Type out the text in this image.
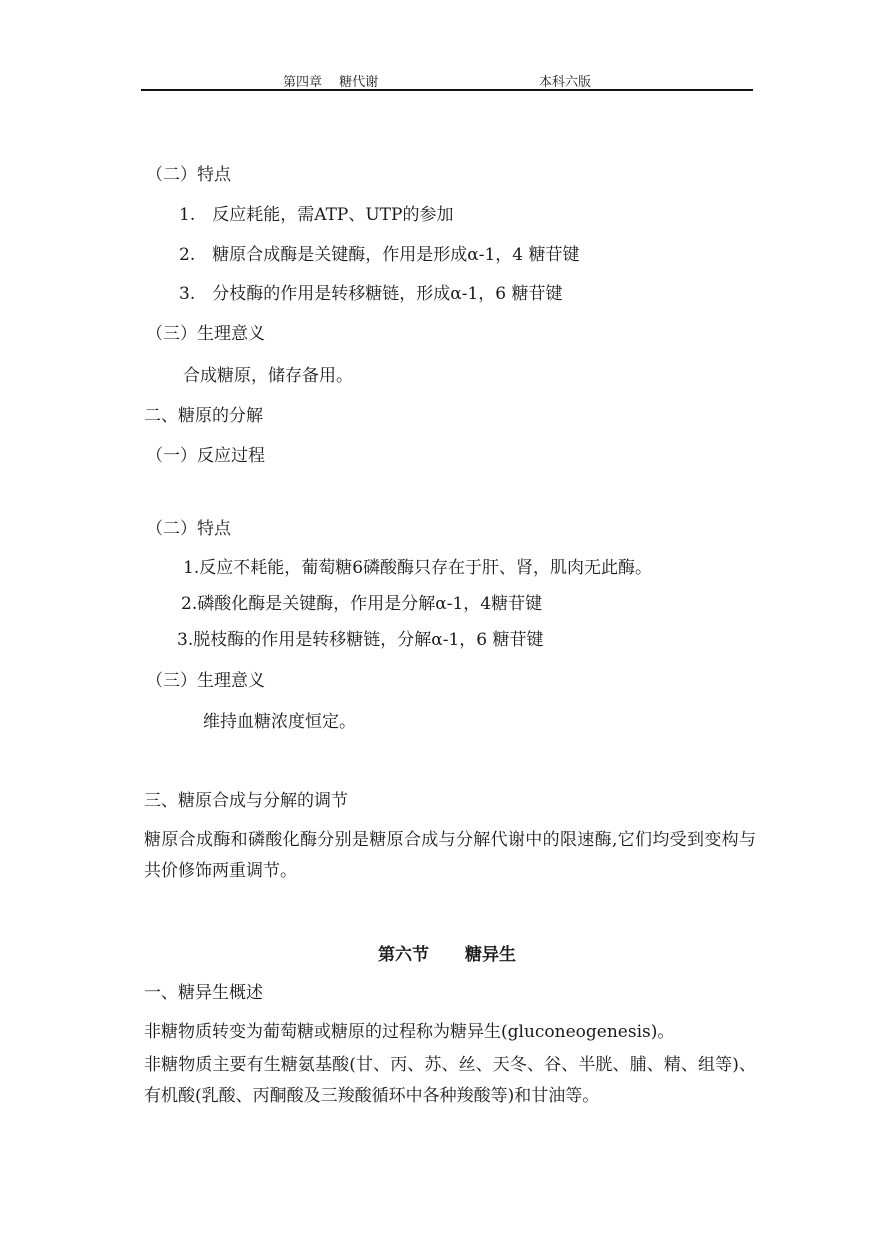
第四章　 糖代谢	本科六版
（二）特点
1.　反应耗能，需ATP、UTP的参加
2.　糖原合成酶是关键酶，作用是形成α-1，4 糖苷键
3.　分枝酶的作用是转移糖链，形成α-1，6 糖苷键
（三）生理意义
合成糖原，储存备用。
二、糖原的分解
（一）反应过程
（二）特点
1.反应不耗能，葡萄糖6磷酸酶只存在于肝、肾，肌肉无此酶。
2.磷酸化酶是关键酶，作用是分解α-1，4糖苷键
3.脱枝酶的作用是转移糖链，分解α-1，6 糖苷键
（三）生理意义
维持血糖浓度恒定。
三、糖原合成与分解的调节
糖原合成酶和磷酸化酶分别是糖原合成与分解代谢中的限速酶,它们均受到变构与共价修饰两重调节。
第六节 糖异生
一、糖异生概述
非糖物质转变为葡萄糖或糖原的过程称为糖异生(gluconeogenesis)。
非糖物质主要有生糖氨基酸(甘、丙、苏、丝、天冬、谷、半胱、脯、精、组等)、有机酸(乳酸、丙酮酸及三羧酸循环中各种羧酸等)和甘油等。
